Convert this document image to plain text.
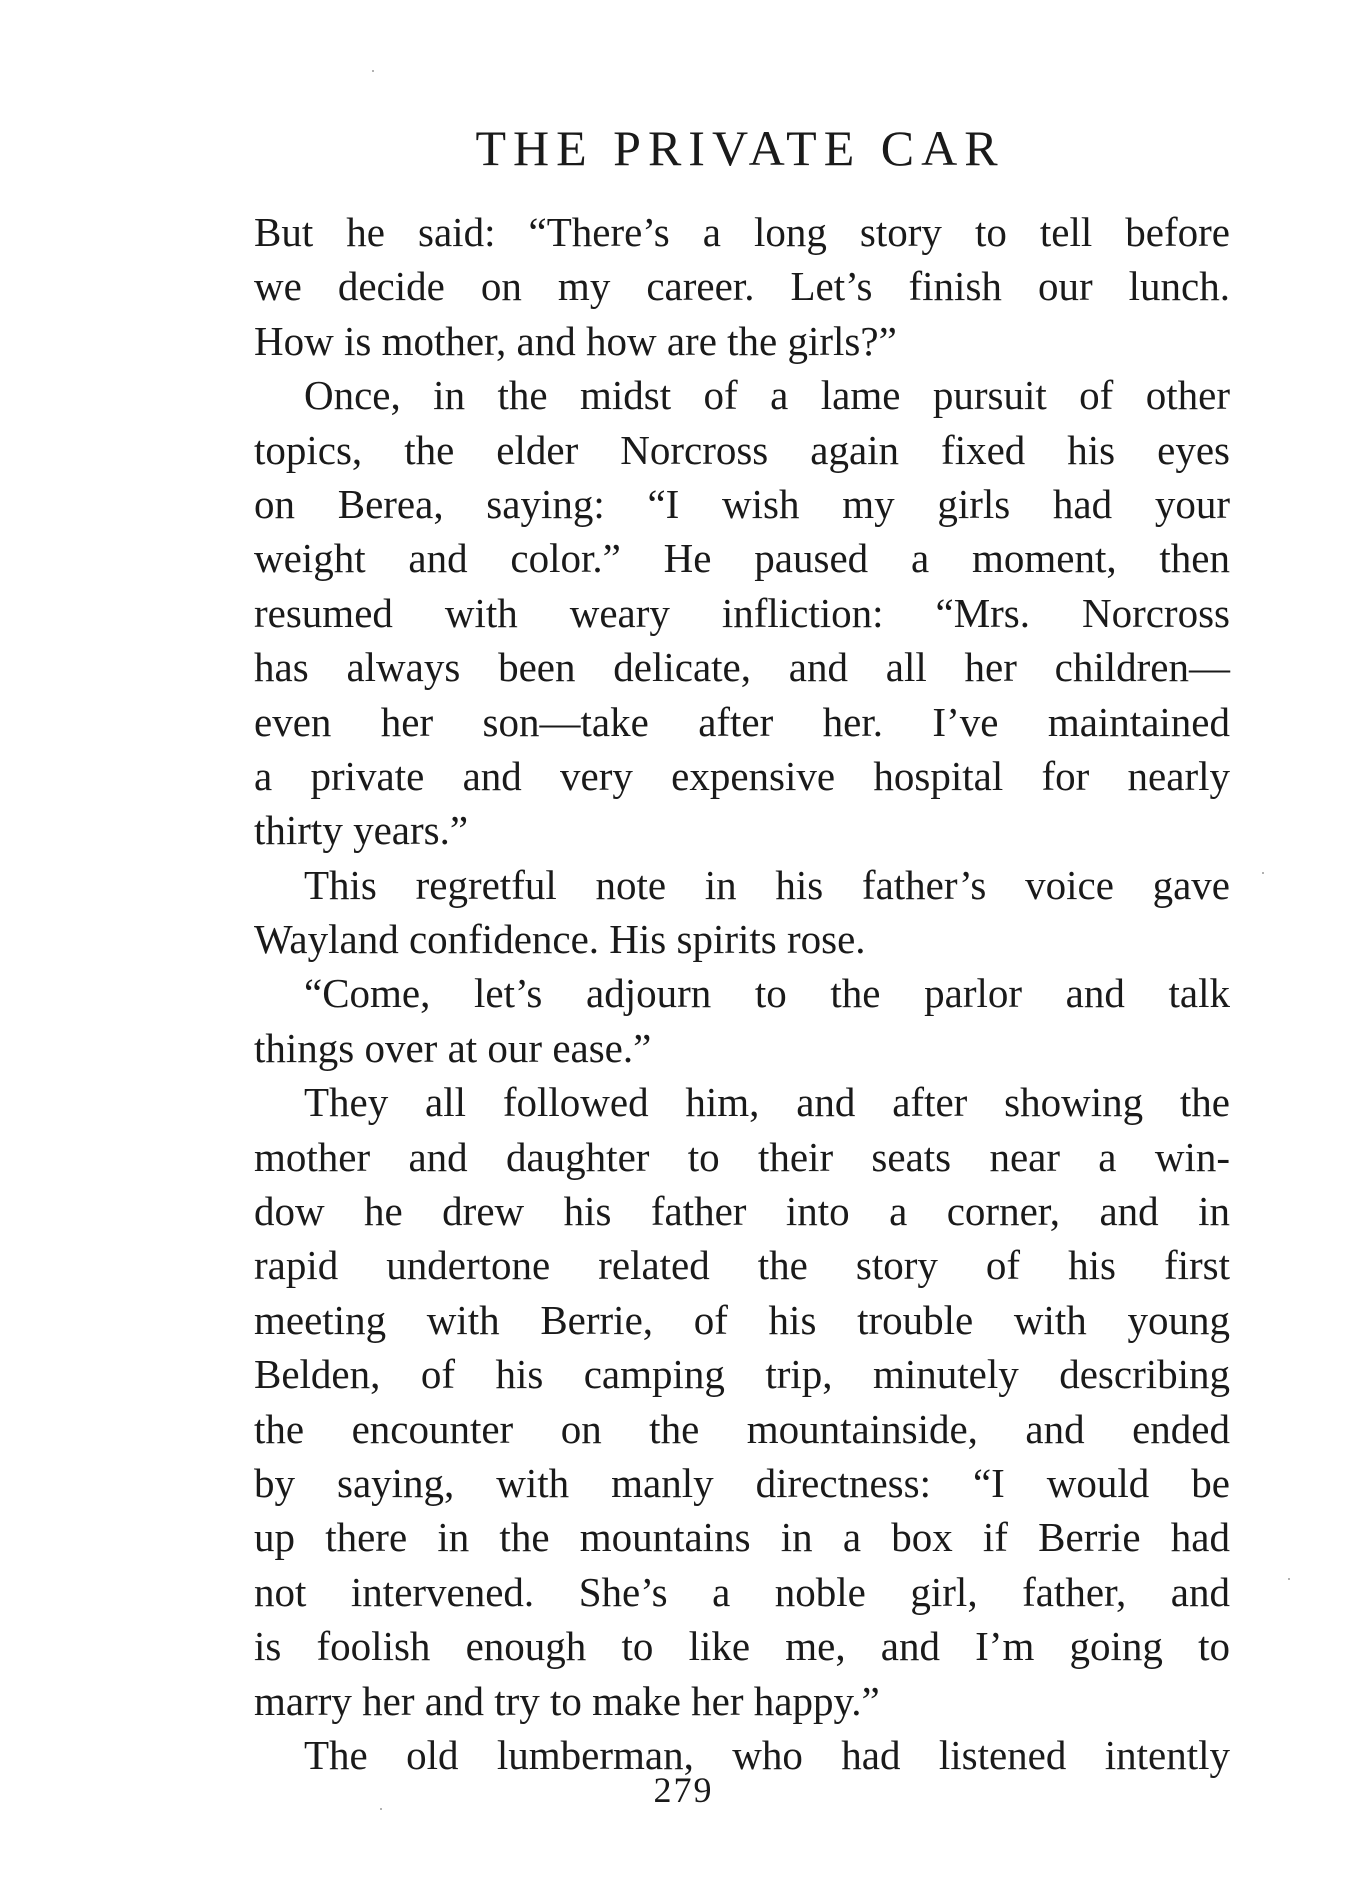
THE PRIVATE CAR
But he said: “There’s a long story to tell before
we decide on my career. Let’s finish our lunch.
How is mother, and how are the girls?”
Once, in the midst of a lame pursuit of other
topics, the elder Norcross again fixed his eyes
on Berea, saying: “I wish my girls had your
weight and color.” He paused a moment, then
resumed with weary infliction: “Mrs. Norcross
has always been delicate, and all her children—
even her son—take after her. I’ve maintained
a private and very expensive hospital for nearly
thirty years.”
This regretful note in his father’s voice gave
Wayland confidence. His spirits rose.
“Come, let’s adjourn to the parlor and talk
things over at our ease.”
They all followed him, and after showing the
mother and daughter to their seats near a win-
dow he drew his father into a corner, and in
rapid undertone related the story of his first
meeting with Berrie, of his trouble with young
Belden, of his camping trip, minutely describing
the encounter on the mountainside, and ended
by saying, with manly directness: “I would be
up there in the mountains in a box if Berrie had
not intervened. She’s a noble girl, father, and
is foolish enough to like me, and I’m going to
marry her and try to make her happy.”
The old lumberman, who had listened intently
279
